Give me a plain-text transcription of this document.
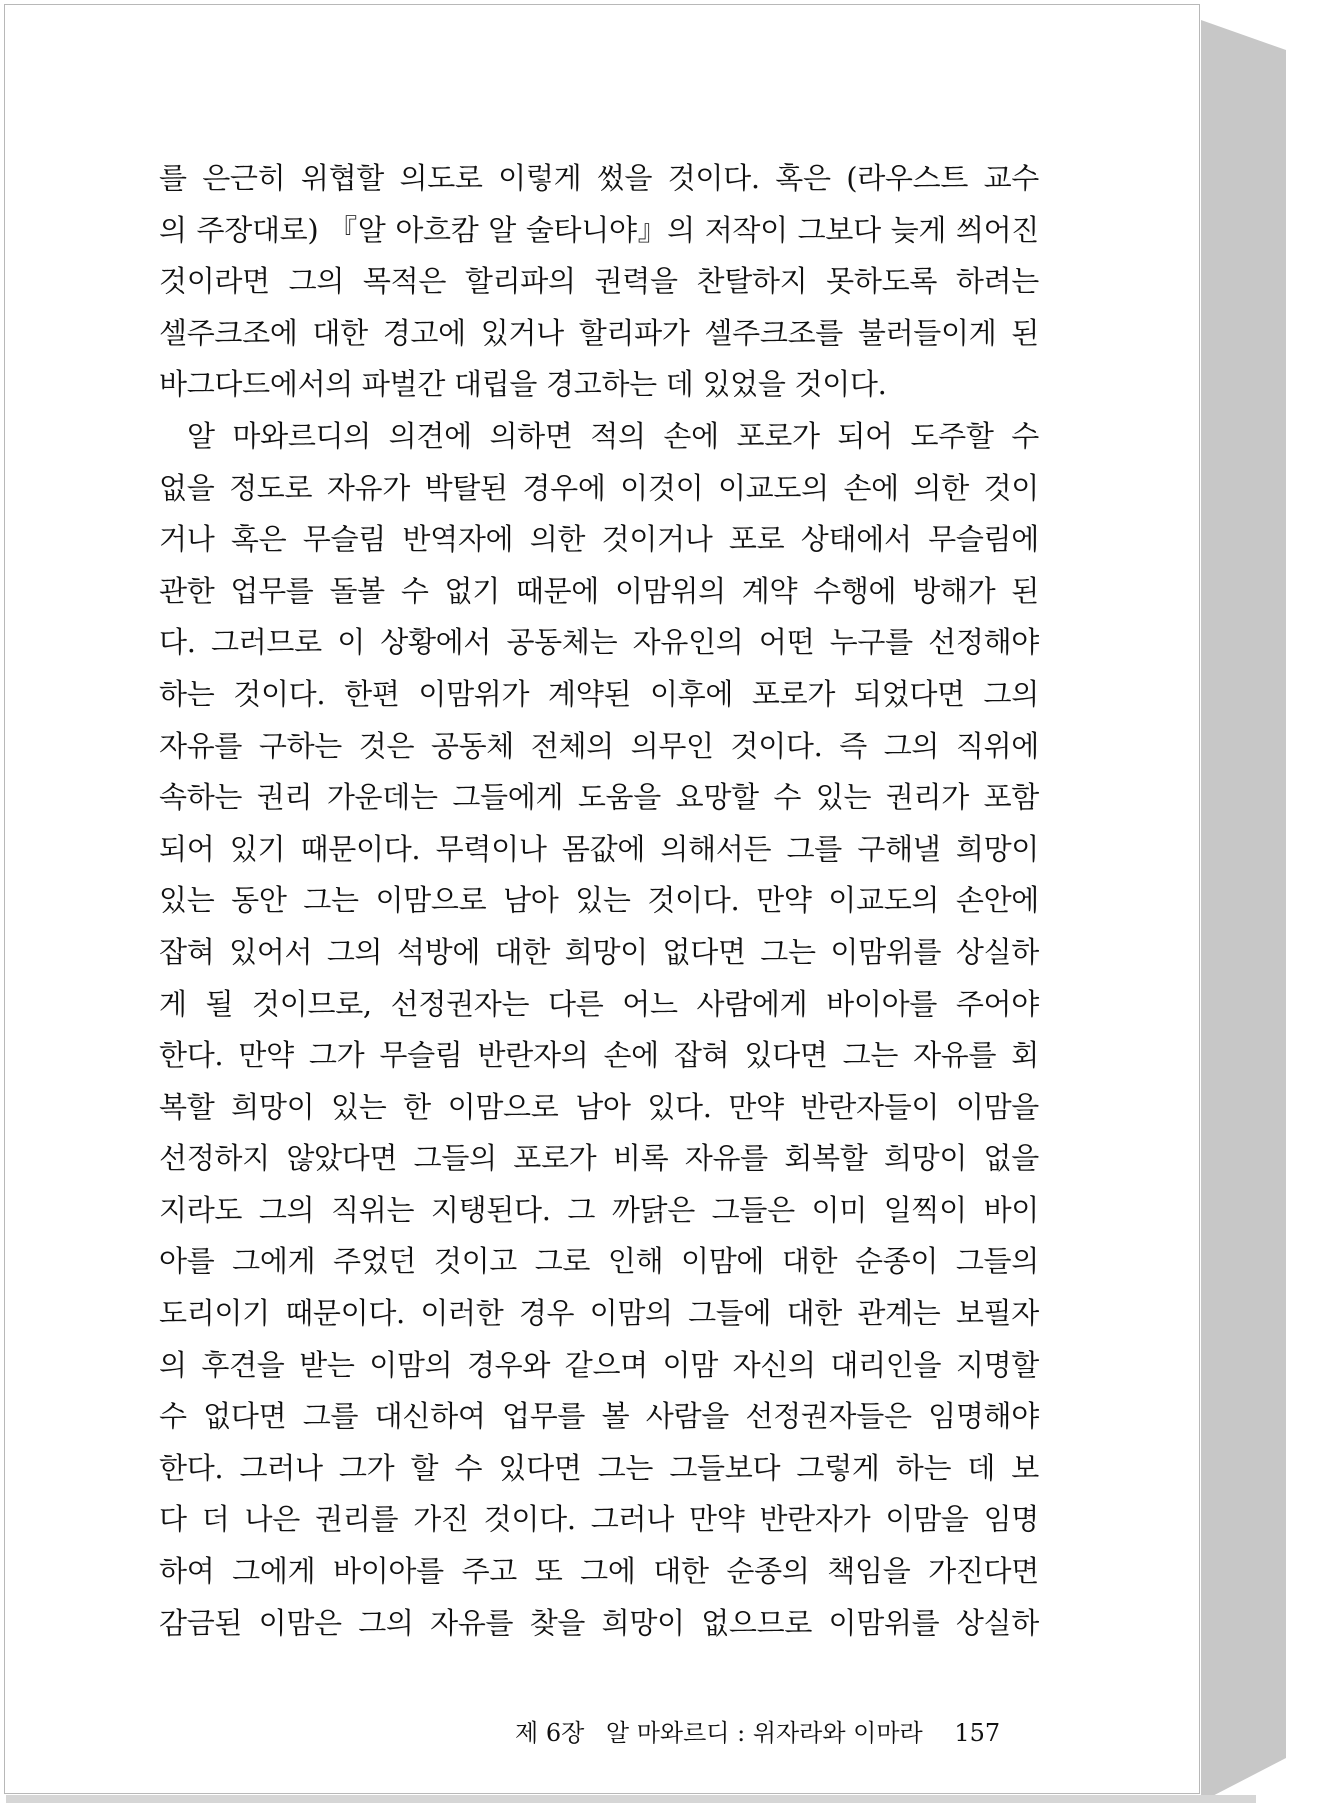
를 은근히 위협할 의도로 이렇게 썼을 것이다. 혹은 (라우스트 교수
의 주장대로) 『알 아흐캄 알 술타니야』의 저작이 그보다 늦게 씌어진
것이라면 그의 목적은 할리파의 권력을 찬탈하지 못하도록 하려는
셀주크조에 대한 경고에 있거나 할리파가 셀주크조를 불러들이게 된
바그다드에서의 파벌간 대립을 경고하는 데 있었을 것이다.
알 마와르디의 의견에 의하면 적의 손에 포로가 되어 도주할 수
없을 정도로 자유가 박탈된 경우에 이것이 이교도의 손에 의한 것이
거나 혹은 무슬림 반역자에 의한 것이거나 포로 상태에서 무슬림에
관한 업무를 돌볼 수 없기 때문에 이맘위의 계약 수행에 방해가 된
다. 그러므로 이 상황에서 공동체는 자유인의 어떤 누구를 선정해야
하는 것이다. 한편 이맘위가 계약된 이후에 포로가 되었다면 그의
자유를 구하는 것은 공동체 전체의 의무인 것이다. 즉 그의 직위에
속하는 권리 가운데는 그들에게 도움을 요망할 수 있는 권리가 포함
되어 있기 때문이다. 무력이나 몸값에 의해서든 그를 구해낼 희망이
있는 동안 그는 이맘으로 남아 있는 것이다. 만약 이교도의 손안에
잡혀 있어서 그의 석방에 대한 희망이 없다면 그는 이맘위를 상실하
게 될 것이므로, 선정권자는 다른 어느 사람에게 바이아를 주어야
한다. 만약 그가 무슬림 반란자의 손에 잡혀 있다면 그는 자유를 회
복할 희망이 있는 한 이맘으로 남아 있다. 만약 반란자들이 이맘을
선정하지 않았다면 그들의 포로가 비록 자유를 회복할 희망이 없을
지라도 그의 직위는 지탱된다. 그 까닭은 그들은 이미 일찍이 바이
아를 그에게 주었던 것이고 그로 인해 이맘에 대한 순종이 그들의
도리이기 때문이다. 이러한 경우 이맘의 그들에 대한 관계는 보필자
의 후견을 받는 이맘의 경우와 같으며 이맘 자신의 대리인을 지명할
수 없다면 그를 대신하여 업무를 볼 사람을 선정권자들은 임명해야
한다. 그러나 그가 할 수 있다면 그는 그들보다 그렇게 하는 데 보
다 더 나은 권리를 가진 것이다. 그러나 만약 반란자가 이맘을 임명
하여 그에게 바이아를 주고 또 그에 대한 순종의 책임을 가진다면
감금된 이맘은 그의 자유를 찾을 희망이 없으므로 이맘위를 상실하
제 6장 알 마와르디 : 위자라와 이마라 157
